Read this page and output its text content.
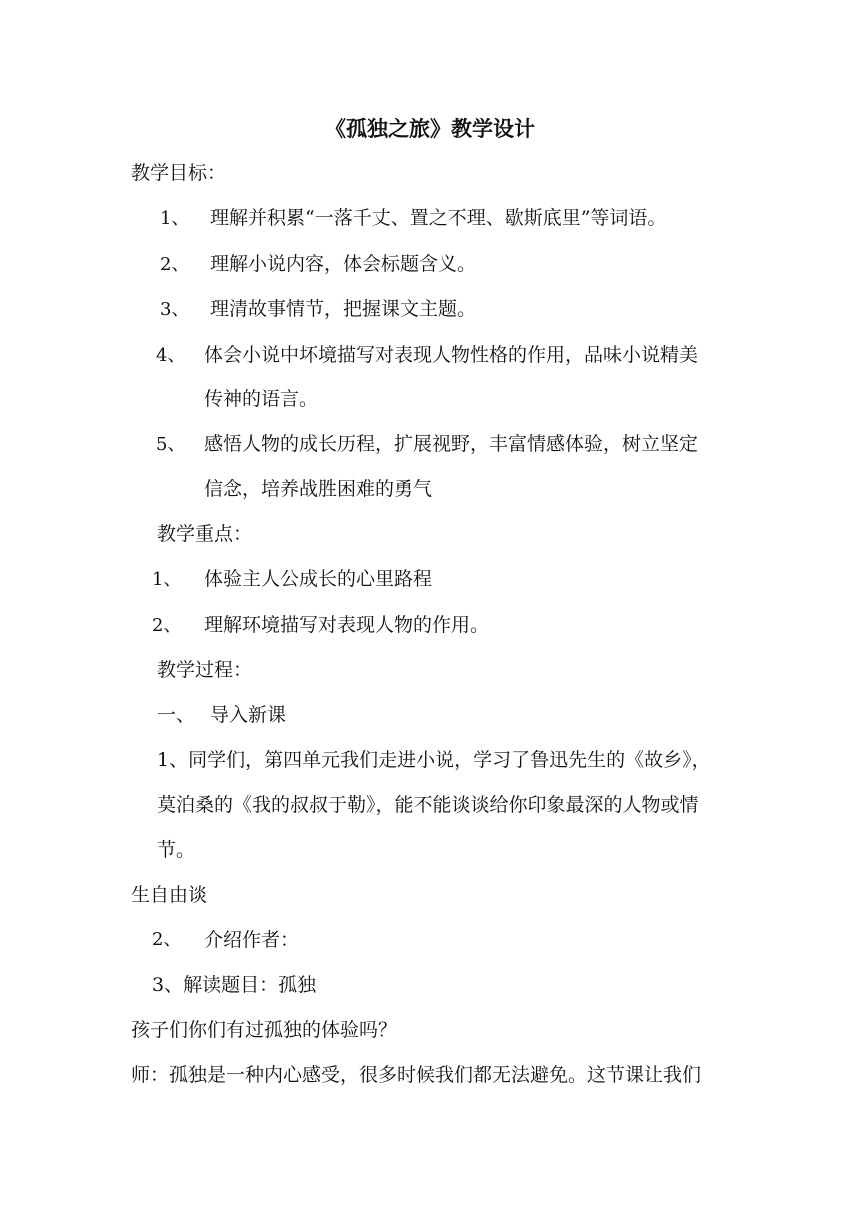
《孤独之旅》教学设计
教学目标：
1、 理解并积累“一落千丈、置之不理、歇斯底里”等词语。
2、 理解小说内容，体会标题含义。
3、 理清故事情节，把握课文主题。
4、 体会小说中坏境描写对表现人物性格的作用，品味小说精美
传神的语言。
5、 感悟人物的成长历程，扩展视野，丰富情感体验，树立坚定
信念，培养战胜困难的勇气
教学重点：
1、 体验主人公成长的心里路程
2、 理解环境描写对表现人物的作用。
教学过程：
一、 导入新课
1、同学们，第四单元我们走进小说，学习了鲁迅先生的《故乡》，
莫泊桑的《我的叔叔于勒》，能不能谈谈给你印象最深的人物或情
节。
生自由谈
2、 介绍作者：
3、解读题目：孤独
孩子们你们有过孤独的体验吗？
师：孤独是一种内心感受，很多时候我们都无法避免。这节课让我们
